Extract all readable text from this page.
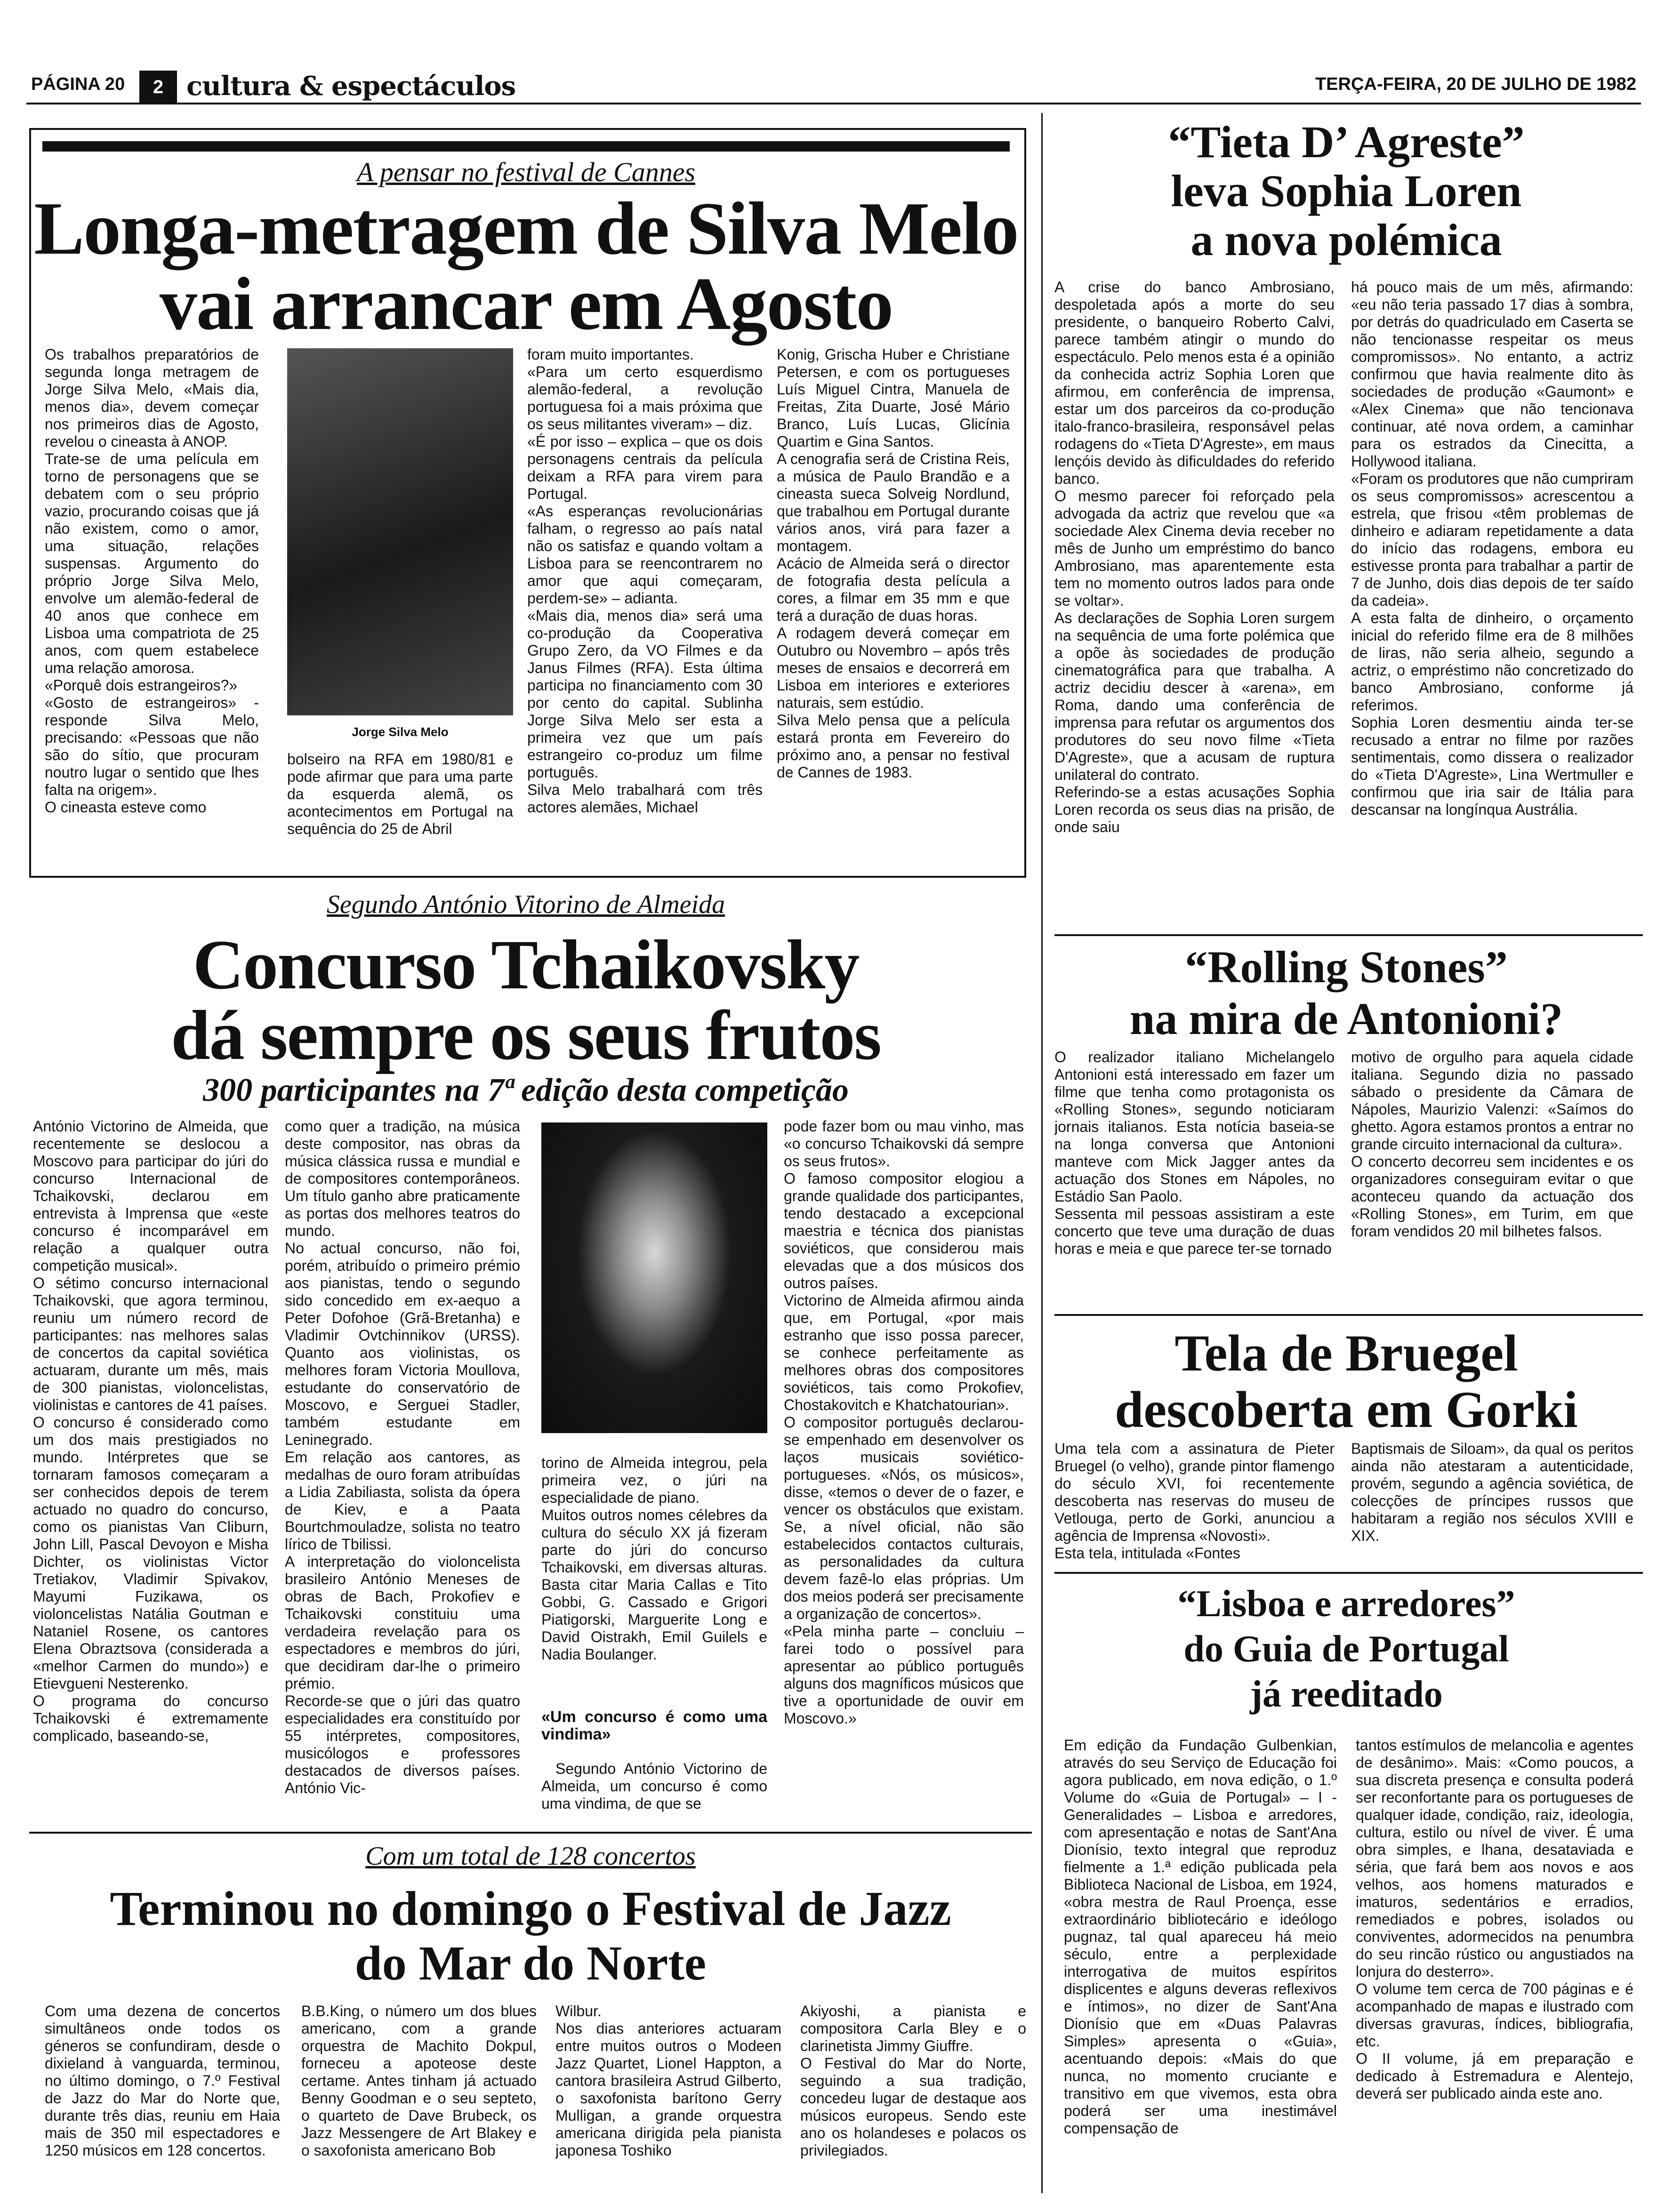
PÁGINA 20	2 cultura & espectáculos	TERÇA-FEIRA, 20 DE JULHO DE 1982
A pensar no festival de Cannes
Longa-metragem de Silva Melo
vai arrancar em Agosto
Os trabalhos preparatórios de segunda longa metragem de Jorge Silva Melo, «Mais dia, menos dia», devem começar nos primeiros dias de Agosto, revelou o cineasta à ANOP.
Trate-se de uma película em torno de personagens que se debatem com o seu próprio vazio, procurando coisas que já não existem, como o amor, uma situação, relações suspensas. Argumento do próprio Jorge Silva Melo, envolve um alemão-federal de 40 anos que conhece em Lisboa uma compatriota de 25 anos, com quem estabelece uma relação amorosa.
«Porquê dois estrangeiros?»
«Gosto de estrangeiros» -responde Silva Melo, precisando: «Pessoas que não são do sítio, que procuram noutro lugar o sentido que lhes falta na origem».
O cineasta esteve como
Jorge Silva Melo
bolseiro na RFA em 1980/81 e pode afirmar que para uma parte da esquerda alemã, os acontecimentos em Portugal na sequência do 25 de Abril
foram muito importantes.
«Para um certo esquerdismo alemão-federal, a revolução portuguesa foi a mais próxima que os seus militantes viveram» – diz.
«É por isso – explica – que os dois personagens centrais da película deixam a RFA para virem para Portugal.
«As esperanças revolucionárias falham, o regresso ao país natal não os satisfaz e quando voltam a Lisboa para se reencontrarem no amor que aqui começaram, perdem-se» – adianta.
«Mais dia, menos dia» será uma co-produção da Cooperativa Grupo Zero, da VO Filmes e da Janus Filmes (RFA). Esta última participa no financiamento com 30 por cento do capital. Sublinha Jorge Silva Melo ser esta a primeira vez que um país estrangeiro co-produz um filme português.
Silva Melo trabalhará com três actores alemães, Michael
Konig, Grischa Huber e Christiane Petersen, e com os portugueses Luís Miguel Cintra, Manuela de Freitas, Zita Duarte, José Mário Branco, Luís Lucas, Glicínia Quartim e Gina Santos.
A cenografia será de Cristina Reis, a música de Paulo Brandão e a cineasta sueca Solveig Nordlund, que trabalhou em Portugal durante vários anos, virá para fazer a montagem.
Acácio de Almeida será o director de fotografia desta película a cores, a filmar em 35 mm e que terá a duração de duas horas.
A rodagem deverá começar em Outubro ou Novembro – após três meses de ensaios e decorrerá em Lisboa em interiores e exteriores naturais, sem estúdio.
Silva Melo pensa que a película estará pronta em Fevereiro do próximo ano, a pensar no festival de Cannes de 1983.
“Tieta D’ Agreste”
leva Sophia Loren
a nova polémica
A crise do banco Ambrosiano, despoletada após a morte do seu presidente, o banqueiro Roberto Calvi, parece também atingir o mundo do espectáculo. Pelo menos esta é a opinião da conhecida actriz Sophia Loren que afirmou, em conferência de imprensa, estar um dos parceiros da co-produção italo-franco-brasileira, responsável pelas rodagens do «Tieta D'Agreste», em maus lençóis devido às dificuldades do referido banco.
O mesmo parecer foi reforçado pela advogada da actriz que revelou que «a sociedade Alex Cinema devia receber no mês de Junho um empréstimo do banco Ambrosiano, mas aparentemente esta tem no momento outros lados para onde se voltar».
As declarações de Sophia Loren surgem na sequência de uma forte polémica que a opõe às sociedades de produção cinematográfica para que trabalha. A actriz decidiu descer à «arena», em Roma, dando uma conferência de imprensa para refutar os argumentos dos produtores do seu novo filme «Tieta D'Agreste», que a acusam de ruptura unilateral do contrato.
Referindo-se a estas acusações Sophia Loren recorda os seus dias na prisão, de onde saiu
há pouco mais de um mês, afirmando: «eu não teria passado 17 dias à sombra, por detrás do quadriculado em Caserta se não tencionasse respeitar os meus compromissos». No entanto, a actriz confirmou que havia realmente dito às sociedades de produção «Gaumont» e «Alex Cinema» que não tencionava continuar, até nova ordem, a caminhar para os estrados da Cinecitta, a Hollywood italiana.
«Foram os produtores que não cumpriram os seus compromissos» acrescentou a estrela, que frisou «têm problemas de dinheiro e adiaram repetidamente a data do início das rodagens, embora eu estivesse pronta para trabalhar a partir de 7 de Junho, dois dias depois de ter saído da cadeia».
A esta falta de dinheiro, o orçamento inicial do referido filme era de 8 milhões de liras, não seria alheio, segundo a actriz, o empréstimo não concretizado do banco Ambrosiano, conforme já referimos.
Sophia Loren desmentiu ainda ter-se recusado a entrar no filme por razões sentimentais, como dissera o realizador do «Tieta D'Agreste», Lina Wertmuller e confirmou que iria sair de Itália para descansar na longínqua Austrália.
“Rolling Stones”
na mira de Antonioni?
O realizador italiano Michelangelo Antonioni está interessado em fazer um filme que tenha como protagonista os «Rolling Stones», segundo noticiaram jornais italianos. Esta notícia baseia-se na longa conversa que Antonioni manteve com Mick Jagger antes da actuação dos Stones em Nápoles, no Estádio San Paolo.
Sessenta mil pessoas assistiram a este concerto que teve uma duração de duas horas e meia e que parece ter-se tornado
motivo de orgulho para aquela cidade italiana. Segundo dizia no passado sábado o presidente da Câmara de Nápoles, Maurizio Valenzi: «Saímos do ghetto. Agora estamos prontos a entrar no grande circuito internacional da cultura».
O concerto decorreu sem incidentes e os organizadores conseguiram evitar o que aconteceu quando da actuação dos «Rolling Stones», em Turim, em que foram vendidos 20 mil bilhetes falsos.
Tela de Bruegel
descoberta em Gorki
Uma tela com a assinatura de Pieter Bruegel (o velho), grande pintor flamengo do século XVI, foi recentemente descoberta nas reservas do museu de Vetlouga, perto de Gorki, anunciou a agência de Imprensa «Novosti».
Esta tela, intitulada «Fontes
Baptismais de Siloam», da qual os peritos ainda não atestaram a autenticidade, provém, segundo a agência soviética, de colecções de príncipes russos que habitaram a região nos séculos XVIII e XIX.
“Lisboa e arredores”
do Guia de Portugal
já reeditado
Em edição da Fundação Gulbenkian, através do seu Serviço de Educação foi agora publicado, em nova edição, o 1.º Volume do «Guia de Portugal» – I -Generalidades – Lisboa e arredores, com apresentação e notas de Sant'Ana Dionísio, texto integral que reproduz fielmente a 1.ª edição publicada pela Biblioteca Nacional de Lisboa, em 1924, «obra mestra de Raul Proença, esse extraordinário bibliotecário e ideólogo pugnaz, tal qual apareceu há meio século, entre a perplexidade interrogativa de muitos espíritos displicentes e alguns deveras reflexivos e íntimos», no dizer de Sant'Ana Dionísio que em «Duas Palavras Simples» apresenta o «Guia», acentuando depois: «Mais do que nunca, no momento cruciante e transitivo em que vivemos, esta obra poderá ser uma inestimável compensação de
tantos estímulos de melancolia e agentes de desânimo». Mais: «Como poucos, a sua discreta presença e consulta poderá ser reconfortante para os portugueses de qualquer idade, condição, raiz, ideologia, cultura, estilo ou nível de viver. É uma obra simples, e lhana, desataviada e séria, que fará bem aos novos e aos velhos, aos homens maturados e imaturos, sedentários e erradios, remediados e pobres, isolados ou conviventes, adormecidos na penumbra do seu rincão rústico ou angustiados na lonjura do desterro».
O volume tem cerca de 700 páginas e é acompanhado de mapas e ilustrado com diversas gravuras, índices, bibliografia, etc.
O II volume, já em preparação e dedicado à Estremadura e Alentejo, deverá ser publicado ainda este ano.
Segundo António Vitorino de Almeida
Concurso Tchaikovsky
dá sempre os seus frutos
300 participantes na 7ª edição desta competição
António Victorino de Almeida, que recentemente se deslocou a Moscovo para participar do júri do concurso Internacional de Tchaikovski, declarou em entrevista à Imprensa que «este concurso é incomparável em relação a qualquer outra competição musical».
O sétimo concurso internacional Tchaikovski, que agora terminou, reuniu um número record de participantes: nas melhores salas de concertos da capital soviética actuaram, durante um mês, mais de 300 pianistas, violoncelistas, violinistas e cantores de 41 países.
O concurso é considerado como um dos mais prestigiados no mundo. Intérpretes que se tornaram famosos começaram a ser conhecidos depois de terem actuado no quadro do concurso, como os pianistas Van Cliburn, John Lill, Pascal Devoyon e Misha Dichter, os violinistas Victor Tretiakov, Vladimir Spivakov, Mayumi Fuzikawa, os violoncelistas Natália Goutman e Nataniel Rosene, os cantores Elena Obraztsova (considerada a «melhor Carmen do mundo») e Etievgueni Nesterenko.
O programa do concurso Tchaikovski é extremamente complicado, baseando-se,
como quer a tradição, na música deste compositor, nas obras da música clássica russa e mundial e de compositores contemporâneos. Um título ganho abre praticamente as portas dos melhores teatros do mundo.
No actual concurso, não foi, porém, atribuído o primeiro prémio aos pianistas, tendo o segundo sido concedido em ex-aequo a Peter Dofohoe (Grã-Bretanha) e Vladimir Ovtchinnikov (URSS). Quanto aos violinistas, os melhores foram Victoria Moullova, estudante do conservatório de Moscovo, e Serguei Stadler, também estudante em Leninegrado.
Em relação aos cantores, as medalhas de ouro foram atribuídas a Lidia Zabiliasta, solista da ópera de Kiev, e a Paata Bourtchmouladze, solista no teatro lírico de Tbilissi.
A interpretação do violoncelista brasileiro António Meneses de obras de Bach, Prokofiev e Tchaikovski constituiu uma verdadeira revelação para os espectadores e membros do júri, que decidiram dar-lhe o primeiro prémio.
Recorde-se que o júri das quatro especialidades era constituído por 55 intérpretes, compositores, musicólogos e professores destacados de diversos países. António Vic-
torino de Almeida integrou, pela primeira vez, o júri na especialidade de piano.
Muitos outros nomes célebres da cultura do século XX já fizeram parte do júri do concurso Tchaikovski, em diversas alturas. Basta citar Maria Callas e Tito Gobbi, G. Cassado e Grigori Piatigorski, Marguerite Long e David Oistrakh, Emil Guilels e Nadia Boulanger.
«Um concurso é como uma vindima»
Segundo António Victorino de Almeida, um concurso é como uma vindima, de que se
pode fazer bom ou mau vinho, mas «o concurso Tchaikovski dá sempre os seus frutos».
O famoso compositor elogiou a grande qualidade dos participantes, tendo destacado a excepcional maestria e técnica dos pianistas soviéticos, que considerou mais elevadas que a dos músicos dos outros países.
Victorino de Almeida afirmou ainda que, em Portugal, «por mais estranho que isso possa parecer, se conhece perfeitamente as melhores obras dos compositores soviéticos, tais como Prokofiev, Chostakovitch e Khatchatourian».
O compositor português declarou-se empenhado em desenvolver os laços musicais soviético-portugueses. «Nós, os músicos», disse, «temos o dever de o fazer, e vencer os obstáculos que existam. Se, a nível oficial, não são estabelecidos contactos culturais, as personalidades da cultura devem fazê-lo elas próprias. Um dos meios poderá ser precisamente a organização de concertos».
«Pela minha parte – concluiu – farei todo o possível para apresentar ao público português alguns dos magníficos músicos que tive a oportunidade de ouvir em Moscovo.»
Com um total de 128 concertos
Terminou no domingo o Festival de Jazz
do Mar do Norte
Com uma dezena de concertos simultâneos onde todos os géneros se confundiram, desde o dixieland à vanguarda, terminou, no último domingo, o 7.º Festival de Jazz do Mar do Norte que, durante três dias, reuniu em Haia mais de 350 mil espectadores e 1250 músicos em 128 concertos.
B.B.King, o número um dos blues americano, com a grande orquestra de Machito Dokpul, forneceu a apoteose deste certame. Antes tinham já actuado Benny Goodman e o seu septeto, o quarteto de Dave Brubeck, os Jazz Messengere de Art Blakey e o saxofonista americano Bob
Wilbur.
Nos dias anteriores actuaram entre muitos outros o Modeen Jazz Quartet, Lionel Happton, a cantora brasileira Astrud Gilberto, o saxofonista barítono Gerry Mulligan, a grande orquestra americana dirigida pela pianista japonesa Toshiko
Akiyoshi, a pianista e compositora Carla Bley e o clarinetista Jimmy Giuffre.
O Festival do Mar do Norte, seguindo a sua tradição, concedeu lugar de destaque aos músicos europeus. Sendo este ano os holandeses e polacos os privilegiados.
